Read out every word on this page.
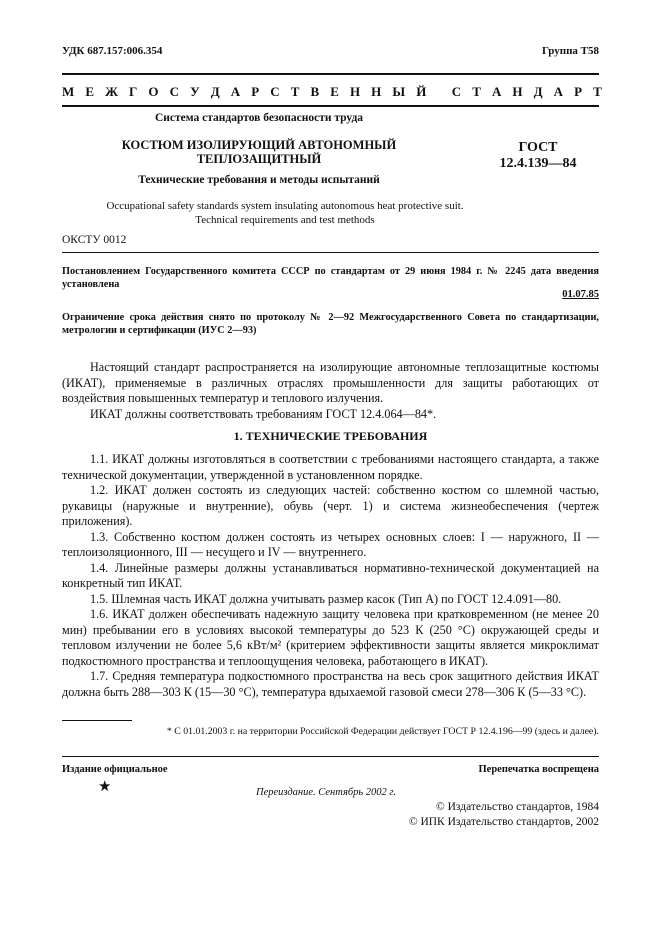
УДК 687.157:006.354	Группа Т58
М Е Ж Г О С У Д А Р С Т В Е Н Н Ы Й
С Т А Н Д А Р Т
Система стандартов безопасности труда
КОСТЮМ ИЗОЛИРУЮЩИЙ АВТОНОМНЫЙ
ТЕПЛОЗАЩИТНЫЙ
Технические требования и методы испытаний
ГОСТ
12.4.139—84
Occupational safety standards system insulating autonomous heat protective suit.
Technical requirements and test methods
ОКСТУ 0012
Постановлением Государственного комитета СССР по стандартам от 29 июня 1984 г. № 2245 дата введения установлена
01.07.85
Ограничение срока действия снято по протоколу № 2—92 Межгосударственного Совета по стандартизации, метрологии и сертификации (ИУС 2—93)

Настоящий стандарт распространяется на изолирующие автономные теплозащитные костюмы (ИКАТ), применяемые в различных отраслях промышленности для защиты работающих от воздействия повышенных температур и теплового излучения.

ИКАТ должны соответствовать требованиям ГОСТ 12.4.064—84*.

1. ТЕХНИЧЕСКИЕ ТРЕБОВАНИЯ

1.1. ИКАТ должны изготовляться в соответствии с требованиями настоящего стандарта, а также технической документации, утвержденной в установленном порядке.

1.2. ИКАТ должен состоять из следующих частей: собственно костюм со шлемной частью, рукавицы (наружные и внутренние), обувь (черт. 1) и система жизнеобеспечения (чертеж приложения).

1.3. Собственно костюм должен состоять из четырех основных слоев: I — наружного, II — теплоизоляционного, III — несущего и IV — внутреннего.

1.4. Линейные размеры должны устанавливаться нормативно-технической документацией на конкретный тип ИКАТ.

1.5. Шлемная часть ИКАТ должна учитывать размер касок (Тип А) по ГОСТ 12.4.091—80.

1.6. ИКАТ должен обеспечивать надежную защиту человека при кратковременном (не менее 20 мин) пребывании его в условиях высокой температуры до 523 К (250 °С) окружающей среды и тепловом излучении не более 5,6 кВт/м² (критерием эффективности защиты является микроклимат подкостюмного пространства и теплоощущения человека, работающего в ИКАТ).

1.7. Средняя температура подкостюмного пространства на весь срок защитного действия ИКАТ должна быть 288—303 К (15—30 °С), температура вдыхаемой газовой смеси 278—306 К (5—33 °С).

* С 01.01.2003 г. на территории Российской Федерации действует ГОСТ Р 12.4.196—99 (здесь и далее).
Издание официальное	Перепечатка воспрещена
★	Переиздание. Сентябрь 2002 г.
© Издательство стандартов, 1984
© ИПК Издательство стандартов, 2002
